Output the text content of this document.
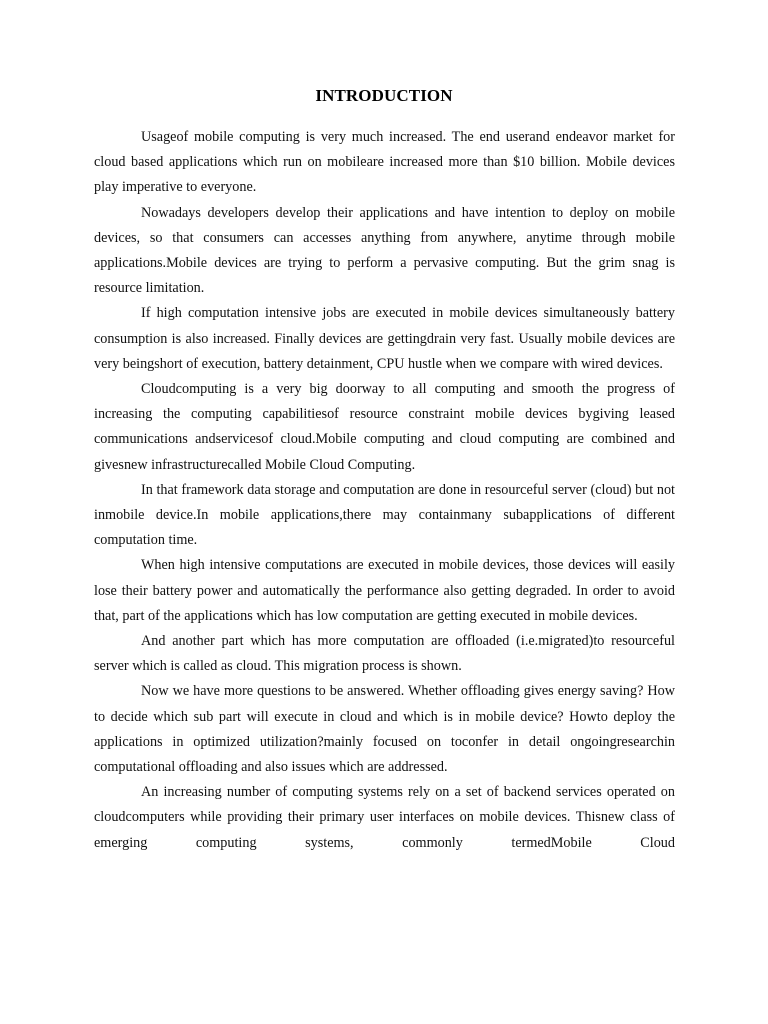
INTRODUCTION

Usageof mobile computing is very much increased. The end userand endeavor market for cloud based applications which run on mobileare increased more than $10 billion. Mobile devices play imperative to everyone.

Nowadays developers develop their applications and have intention to deploy on mobile devices, so that consumers can accesses anything from anywhere, anytime through mobile applications.Mobile devices are trying to perform a pervasive computing. But the grim snag is resource limitation.

If high computation intensive jobs are executed in mobile devices simultaneously battery consumption is also increased. Finally devices are gettingdrain very fast. Usually mobile devices are very beingshort of execution, battery detainment, CPU hustle when we compare with wired devices.

Cloudcomputing is a very big doorway to all computing and smooth the progress of increasing the computing capabilitiesof resource constraint mobile devices bygiving leased communications andservicesof cloud.Mobile computing and cloud computing are combined and givesnew infrastructurecalled Mobile Cloud Computing.

In that framework data storage and computation are done in resourceful server (cloud) but not inmobile device.In mobile applications,there may containmany subapplications of different computation time.

When high intensive computations are executed in mobile devices, those devices will easily lose their battery power and automatically the performance also getting degraded. In order to avoid that, part of the applications which has low computation are getting executed in mobile devices.

And another part which has more computation are offloaded (i.e.migrated)to resourceful server which is called as cloud. This migration process is shown.

Now we have more questions to be answered. Whether offloading gives energy saving? How to decide which sub part will execute in cloud and which is in mobile device? Howto deploy the applications in optimized utilization?mainly focused on toconfer in detail ongoingresearchin computational offloading and also issues which are addressed.

An increasing number of computing systems rely on a set of backend services operated on cloudcomputers while providing their primary user interfaces on mobile devices. Thisnew class of emerging computing systems, commonly termedMobile Cloud
